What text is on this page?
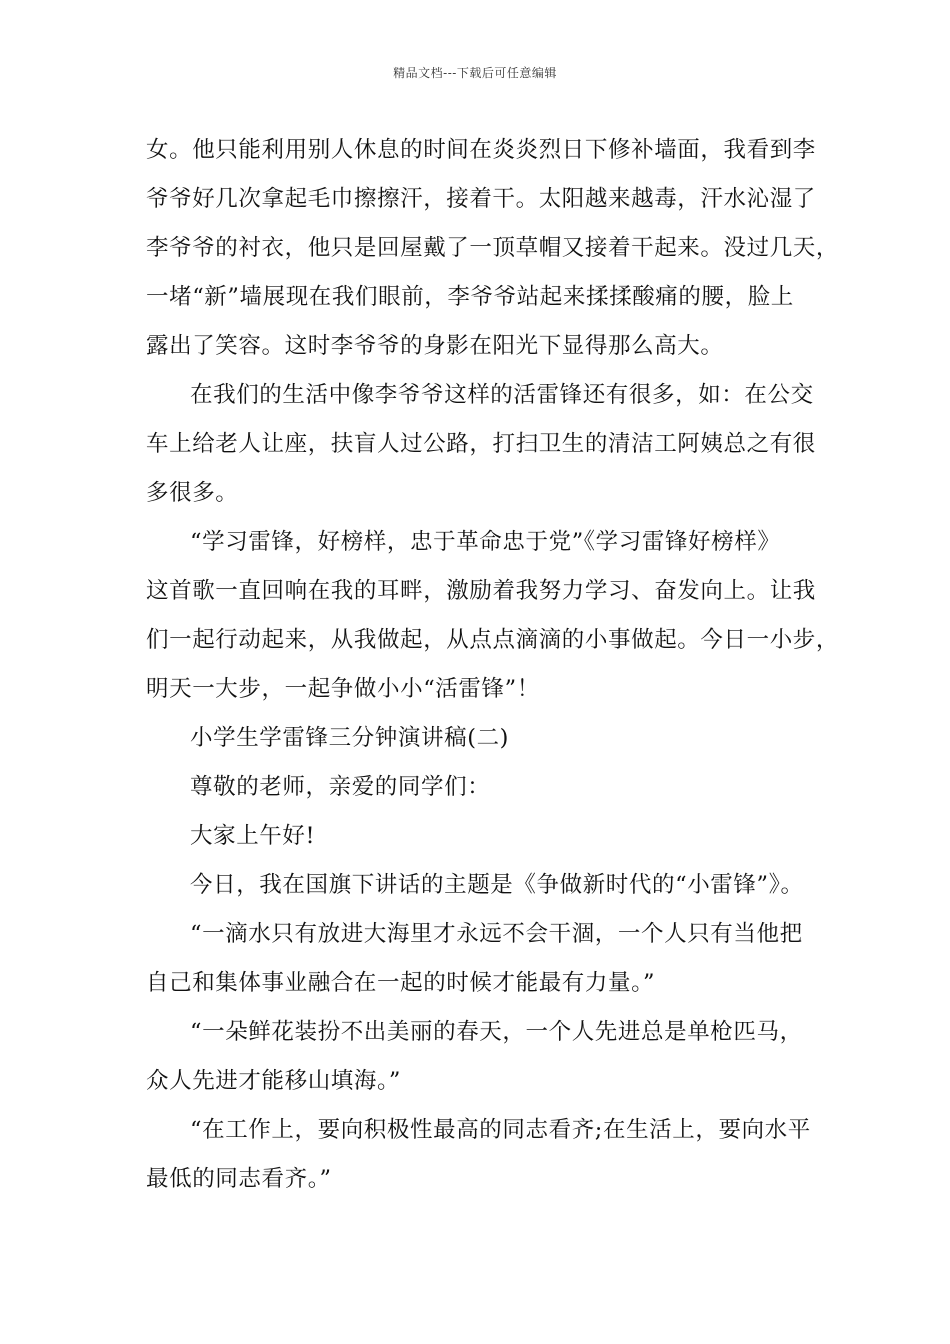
精品文档---下载后可任意编辑
女。他只能利用别人休息的时间在炎炎烈日下修补墙面，我看到李
爷爷好几次拿起毛巾擦擦汗，接着干。太阳越来越毒，汗水沁湿了
李爷爷的衬衣，他只是回屋戴了一顶草帽又接着干起来。没过几天，
一堵“新”墙展现在我们眼前，李爷爷站起来揉揉酸痛的腰，脸上
露出了笑容。这时李爷爷的身影在阳光下显得那么高大。
在我们的生活中像李爷爷这样的活雷锋还有很多，如：在公交
车上给老人让座，扶盲人过公路，打扫卫生的清洁工阿姨总之有很
多很多。
“学习雷锋，好榜样，忠于革命忠于党”《学习雷锋好榜样》
这首歌一直回响在我的耳畔，激励着我努力学习、奋发向上。让我
们一起行动起来，从我做起，从点点滴滴的小事做起。今日一小步，
明天一大步，一起争做小小“活雷锋”！
小学生学雷锋三分钟演讲稿(二)
尊敬的老师，亲爱的同学们：
大家上午好!
今日，我在国旗下讲话的主题是《争做新时代的“小雷锋”》。
“一滴水只有放进大海里才永远不会干涸，一个人只有当他把
自己和集体事业融合在一起的时候才能最有力量。”
“一朵鲜花装扮不出美丽的春天，一个人先进总是单枪匹马，
众人先进才能移山填海。”
“在工作上，要向积极性最高的同志看齐;在生活上，要向水平
最低的同志看齐。”
